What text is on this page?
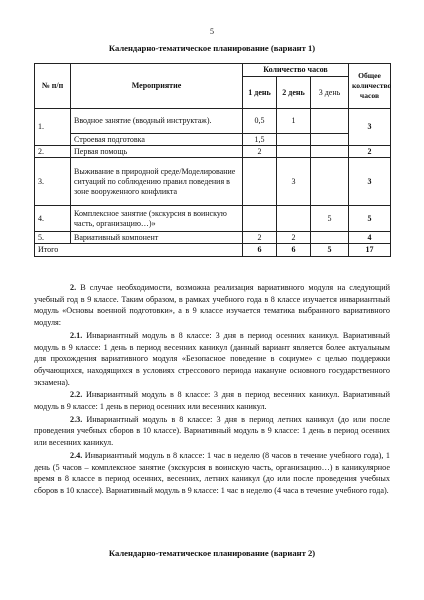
5
Календарно-тематическое планирование (вариант 1)
№ п/п	Мероприятие	Количество часов			Общее количество часов
		1 день	2 день	3 день	
1.	Вводное занятие (вводный инструктаж).	0,5	1		3
	Строевая подготовка	1,5			
2.	Первая помощь	2			2
3.	Выживание в природной среде/Моделирование ситуаций по соблюдению правил поведения в зоне вооруженного конфликта		3		3
4.	Комплексное занятие (экскурсия в воинскую часть, организацию…)»			5	5
5.	Вариативный компонент	2	2		4
Итого		6	6	5	17

2. В случае необходимости, возможна реализация вариативного модуля на следующий учебный год в 9 классе. Таким образом, в рамках учебного года в 8 классе изучается инвариантный модуль «Основы военной подготовки», а в 9 классе изучается тематика выбранного вариативного модуля:

2.1. Инвариантный модуль в 8 классе: 3 дня в период осенних каникул. Вариативный модуль в 9 классе: 1 день в период весенних каникул (данный вариант является более актуальным для прохождения вариативного модуля «Безопасное поведение в социуме» с целью поддержки обучающихся, находящихся в условиях стрессового периода накануне основного государственного экзамена).

2.2. Инвариантный модуль в 8 классе: 3 дня в период весенних каникул. Вариативный модуль в 9 классе: 1 день в период осенних или весенних каникул.

2.3. Инвариантный модуль в 8 классе: 3 дня в период летних каникул (до или после проведения учебных сборов в 10 классе). Вариативный модуль в 9 классе: 1 день в период осенних или весенних каникул.

2.4. Инвариантный модуль в 8 классе: 1 час в неделю (8 часов в течение учебного года), 1 день (5 часов – комплексное занятие (экскурсия в воинскую часть, организацию…) в каникулярное время в 8 классе в период осенних, весенних, летних каникул (до или после проведения учебных сборов в 10 классе). Вариативный модуль в 9 классе: 1 час в неделю (4 часа в течение учебного года).

Календарно-тематическое планирование (вариант 2)
